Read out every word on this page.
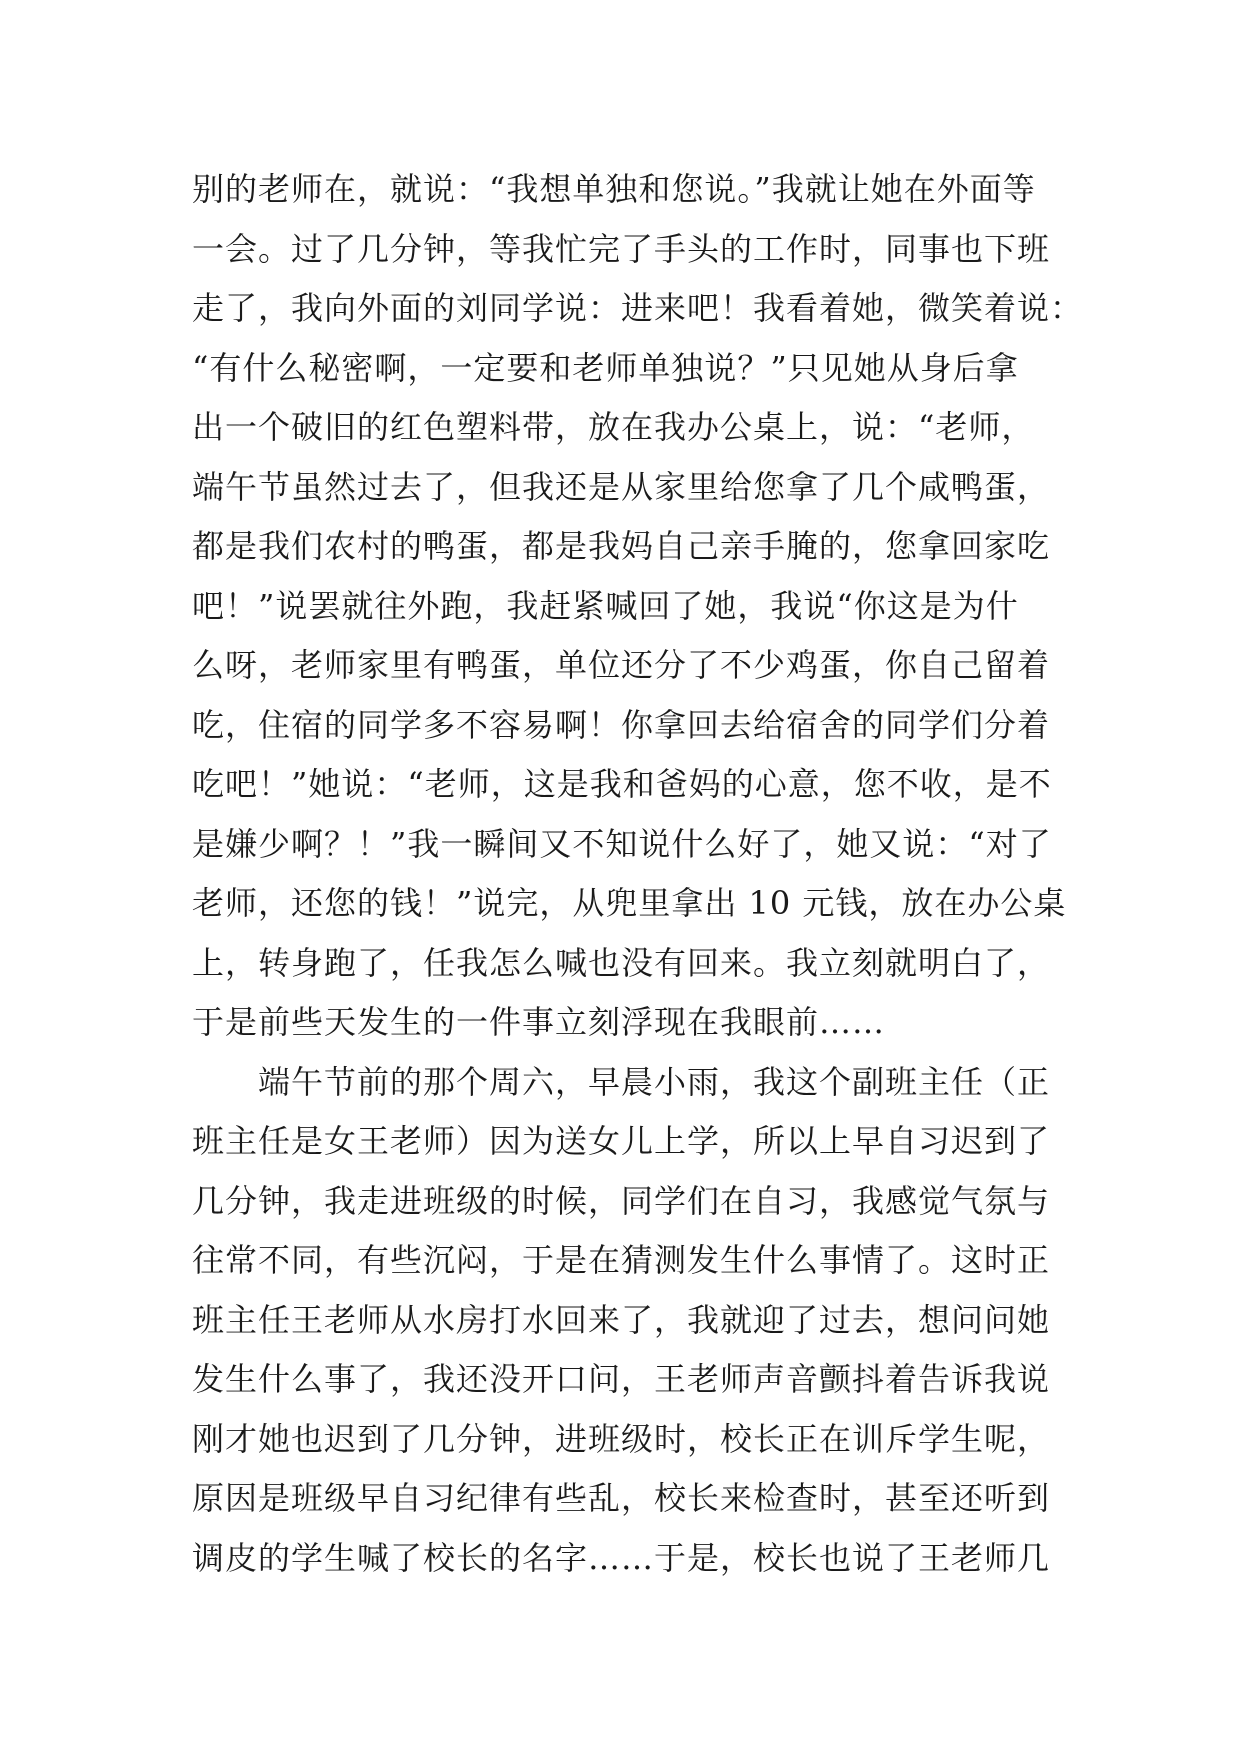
别的老师在，就说：“我想单独和您说。”我就让她在外面等
一会。过了几分钟，等我忙完了手头的工作时，同事也下班
走了，我向外面的刘同学说：进来吧！我看着她，微笑着说：
“有什么秘密啊，一定要和老师单独说？”只见她从身后拿
出一个破旧的红色塑料带，放在我办公桌上，说：“老师，
端午节虽然过去了，但我还是从家里给您拿了几个咸鸭蛋，
都是我们农村的鸭蛋，都是我妈自己亲手腌的，您拿回家吃
吧！”说罢就往外跑，我赶紧喊回了她，我说“你这是为什
么呀，老师家里有鸭蛋，单位还分了不少鸡蛋，你自己留着
吃，住宿的同学多不容易啊！你拿回去给宿舍的同学们分着
吃吧！”她说：“老师，这是我和爸妈的心意，您不收，是不
是嫌少啊？！”我一瞬间又不知说什么好了，她又说：“对了
老师，还您的钱！”说完，从兜里拿出 10 元钱，放在办公桌
上，转身跑了，任我怎么喊也没有回来。我立刻就明白了，
于是前些天发生的一件事立刻浮现在我眼前……
　　端午节前的那个周六，早晨小雨，我这个副班主任（正
班主任是女王老师）因为送女儿上学，所以上早自习迟到了
几分钟，我走进班级的时候，同学们在自习，我感觉气氛与
往常不同，有些沉闷，于是在猜测发生什么事情了。这时正
班主任王老师从水房打水回来了，我就迎了过去，想问问她
发生什么事了，我还没开口问，王老师声音颤抖着告诉我说
刚才她也迟到了几分钟，进班级时，校长正在训斥学生呢，
原因是班级早自习纪律有些乱，校长来检查时，甚至还听到
调皮的学生喊了校长的名字……于是，校长也说了王老师几
